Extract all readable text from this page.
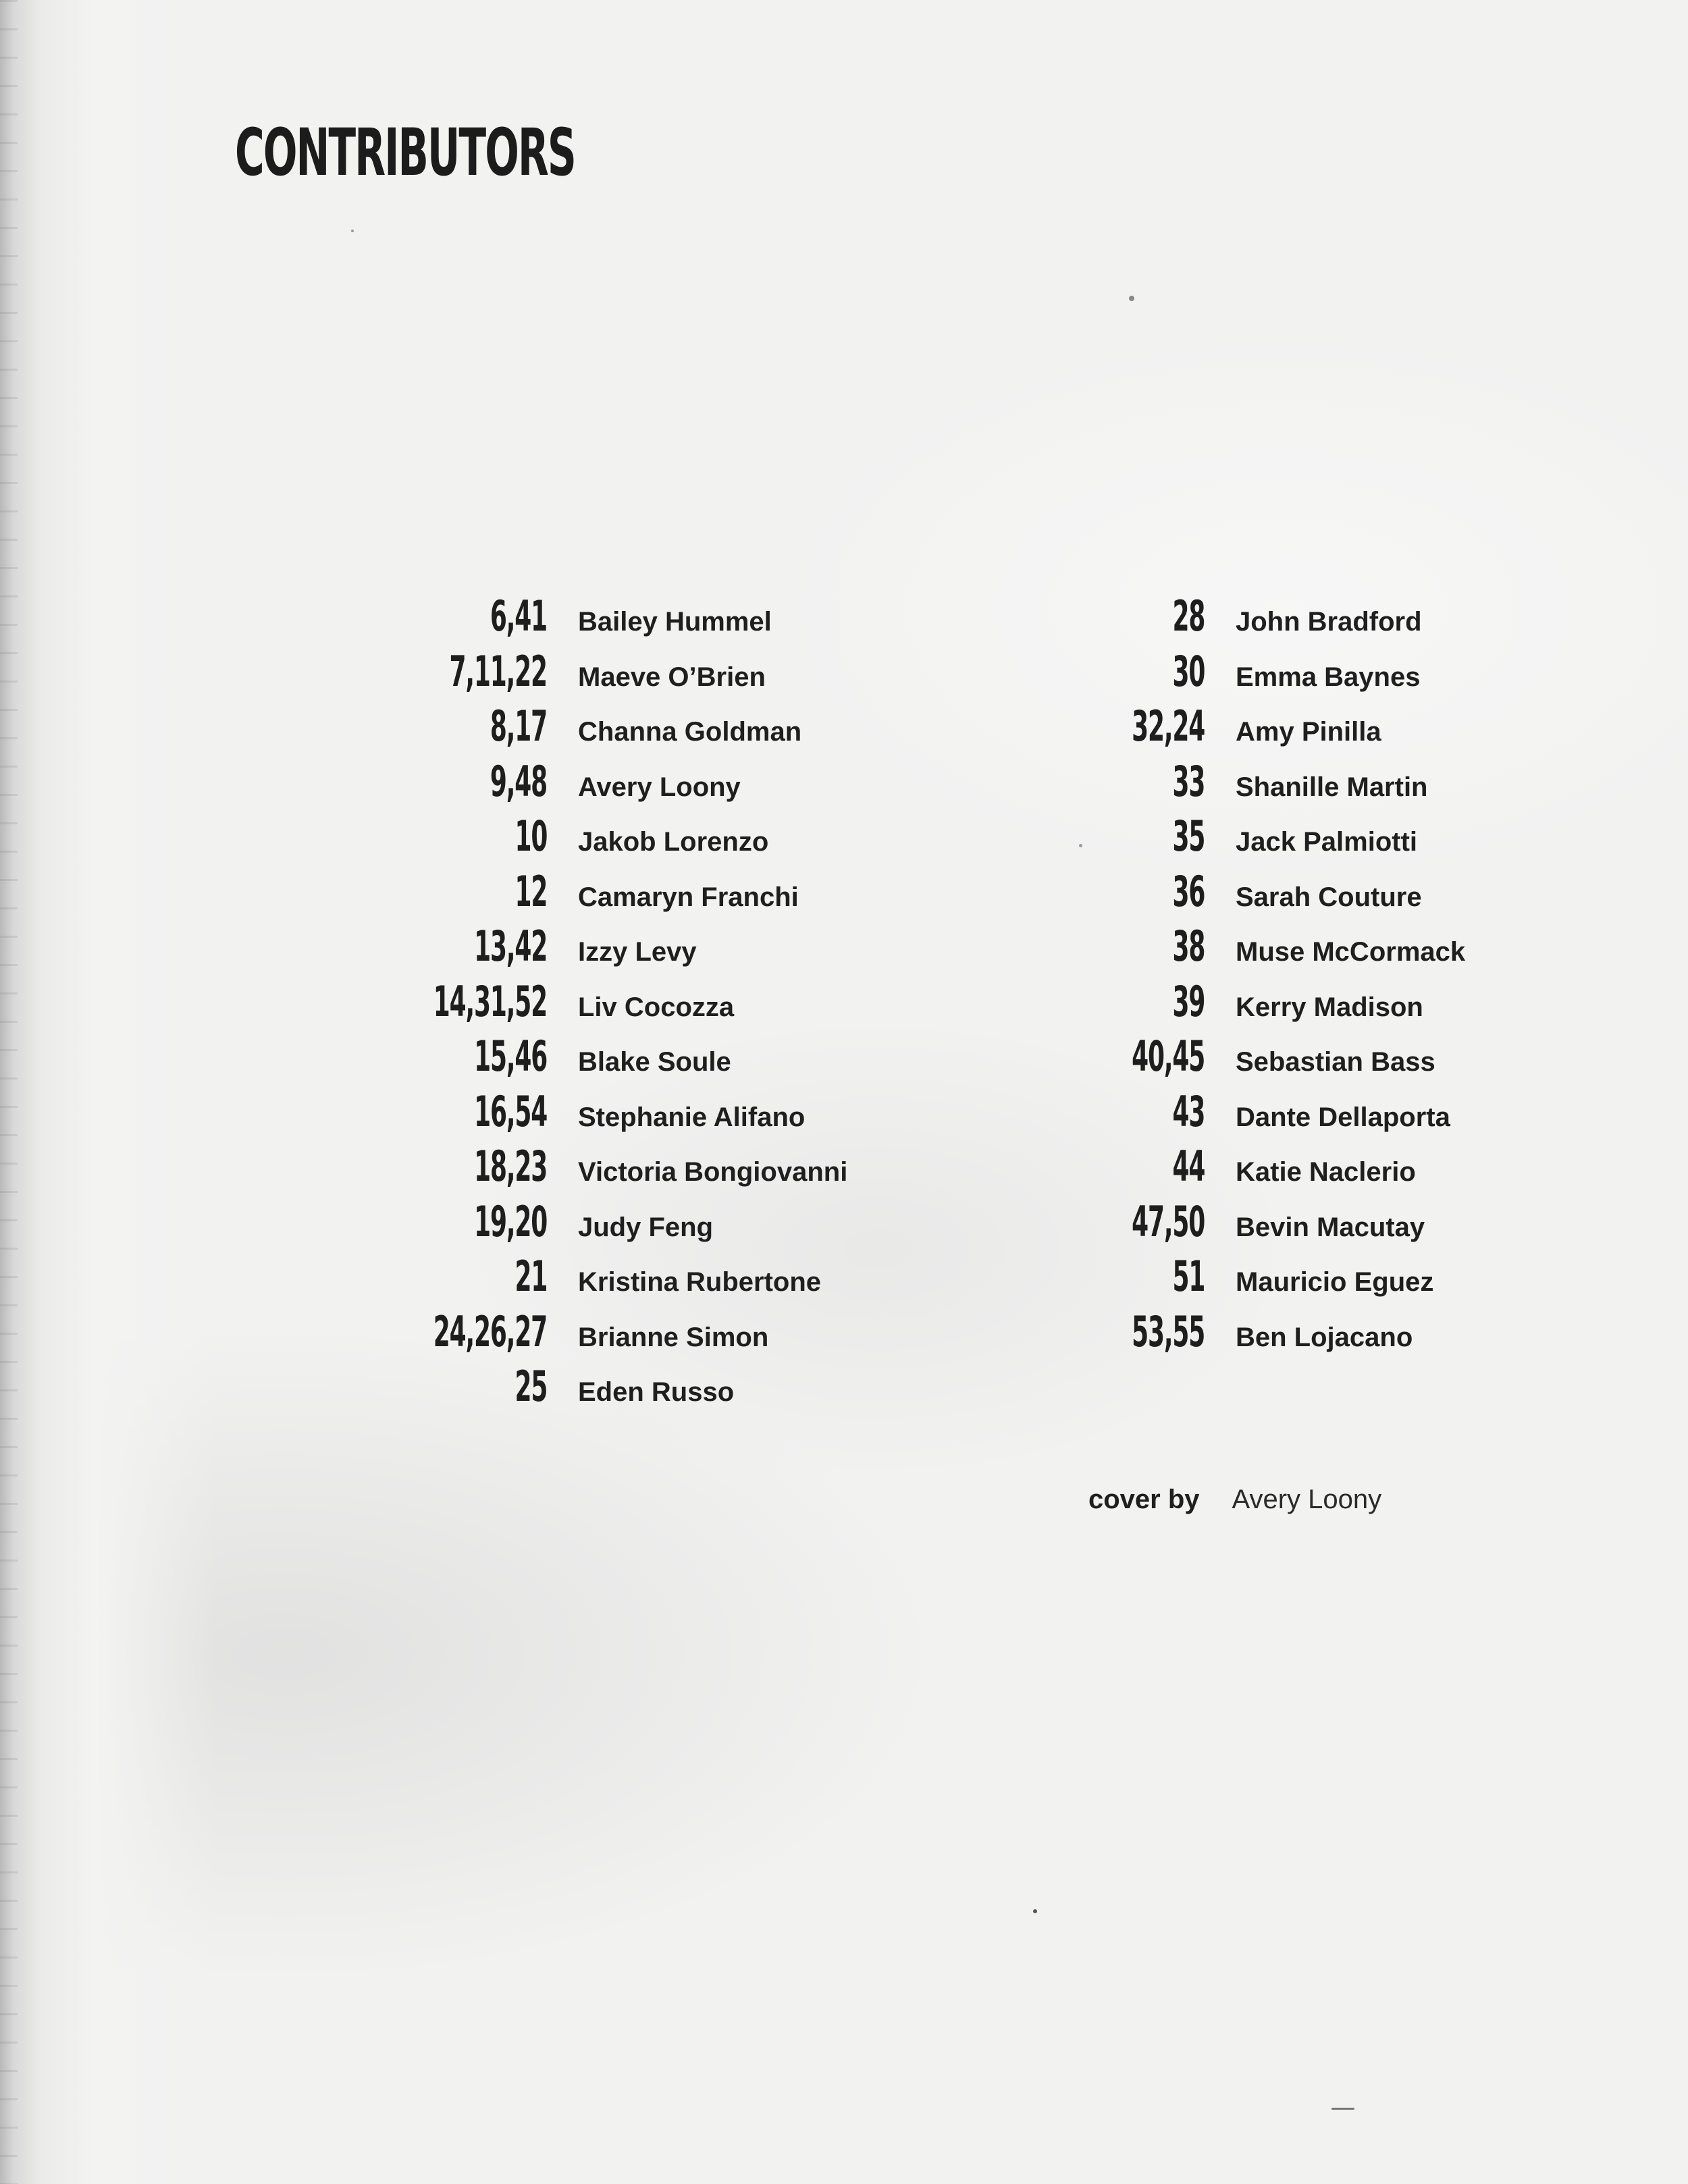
CONTRIBUTORS
6,41 Bailey Hummel
7,11,22 Maeve O’Brien
8,17 Channa Goldman
9,48 Avery Loony
10 Jakob Lorenzo
12 Camaryn Franchi
13,42 Izzy Levy
14,31,52 Liv Cocozza
15,46 Blake Soule
16,54 Stephanie Alifano
18,23 Victoria Bongiovanni
19,20 Judy Feng
21 Kristina Rubertone
24,26,27 Brianne Simon
25 Eden Russo
28 John Bradford
30 Emma Baynes
32,24 Amy Pinilla
33 Shanille Martin
35 Jack Palmiotti
36 Sarah Couture
38 Muse McCormack
39 Kerry Madison
40,45 Sebastian Bass
43 Dante Dellaporta
44 Katie Naclerio
47,50 Bevin Macutay
51 Mauricio Eguez
53,55 Ben Lojacano
cover by Avery Loony
